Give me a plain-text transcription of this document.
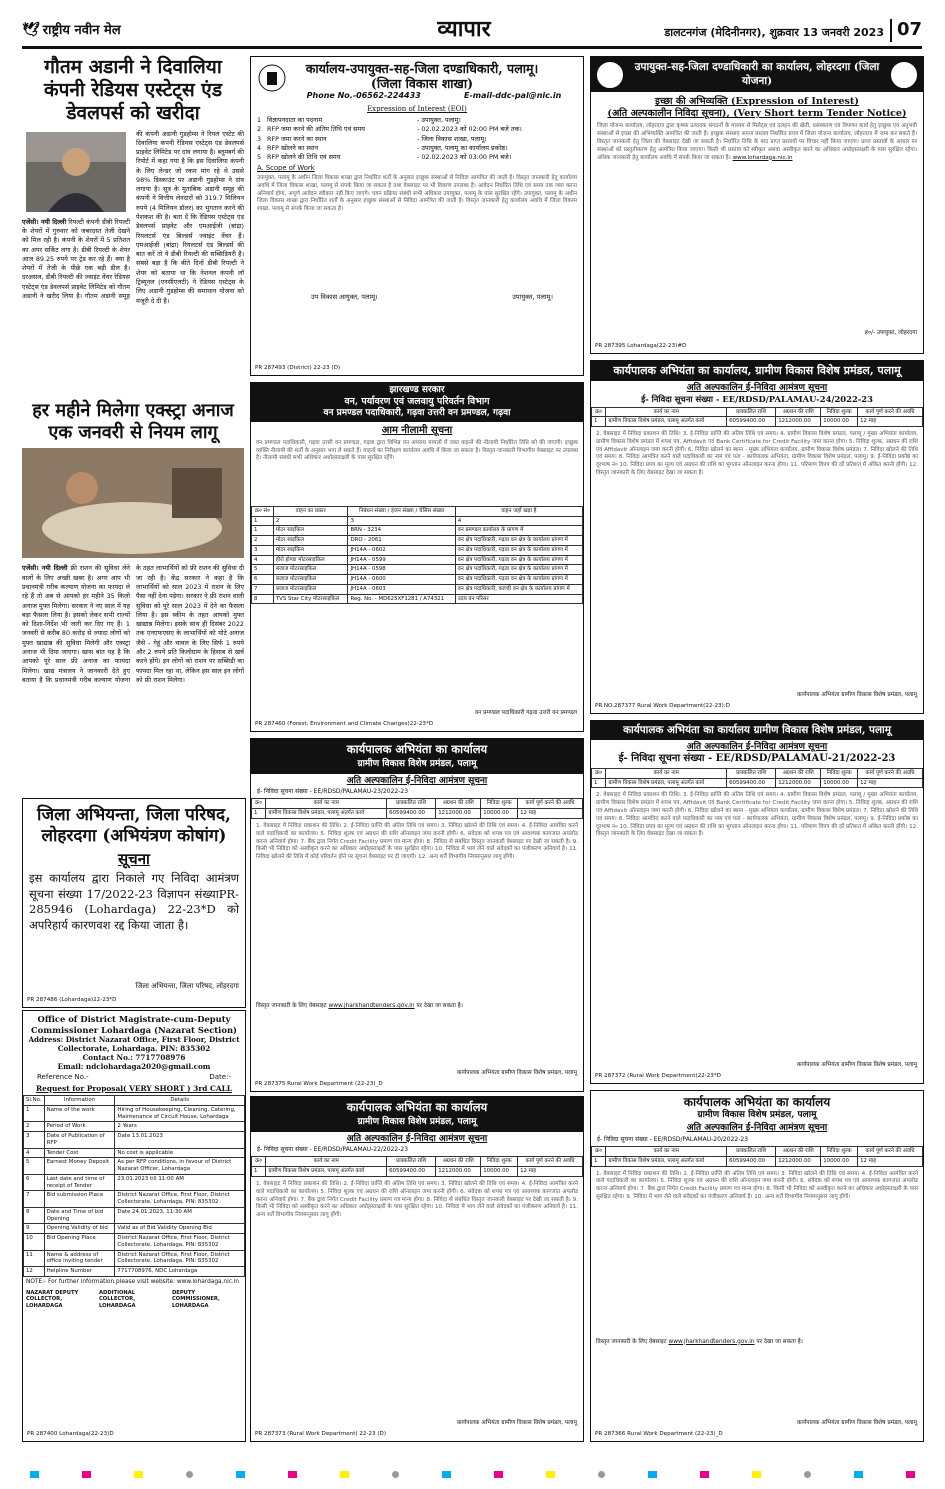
🕊 राष्ट्रीय नवीन मेल	व्यापार	डालटनगंज (मेदिनीनगर), शुक्रवार 13 जनवरी 2023 07
गौतम अडानी ने दिवालिया कंपनी रेडियस एस्टेट्स एंड डेवलपर्स को खरीदा

एजेंसी। नयी दिल्ली रियल्टी कंपनी डीबी रियल्टी के शेयरों में गुरुवार को जबरदस्त तेजी देखने को मिल रही है। कंपनी के शेयरों में 5 प्रतिशत का अपर सर्किट लगा है। डीबी रियल्टी के शेयर आज 89.25 रुपये पर ट्रेड कर रहे हैं। क्या है शेयरों में तेजी के पीछे एक बड़ी डील है। दरअसल, डीबी रियल्टी की ज्वाइंट वेंचर रेडियस एस्टेट्स एंड डेवलपर्स प्राइवेट लिमिटेड को गौतम अडानी ने खरीद लिया है। गौतम अडानी समूह की कंपनी अडानी गुडहोम्स ने रियल एस्टेट की दिवालिया कंपनी रेडियस एस्टेट्स एंड डेवलपर्स प्राइवेट लिमिटेड पर दांव लगाया है। ब्लूमबर्ग की रिपोर्ट में कहा गया है कि इस दिवालिया कंपनी के लिए लेन्डर जो रकम मांग रहे थे उससे 98% डिस्काउंट पर अडानी गुडहोम्स ने दांव लगाया है। सूत्र के मुताबिक अडानी समूह की कंपनी ने वित्तीय लेनदारों को 319.7 मिलियन रुपये (4 मिलियन डॉलर) का भुगतान करने की पेशकश की है। बता दें कि रेडियस एस्टेट्स एंड डेवलपर्स प्राइवेट और एमआईजी (बांद्रा) रियलटर्स एंड बिल्डर्स ज्वाइंट वेंचर हैं। एमआईजी (बांद्रा) रियलटर्स एंड बिल्डर्स की बात करें तो ये डीबी रियल्टी की सब्सिडियरी है। सबसे बड़ा है कि बीते दिनों डीबी रियल्टी ने शेयर को बताया था कि नेशनल कंपनी लॉ ट्रिब्यूनल (एनसीएलटी) ने रेडियस एस्टेट्स के लिए अडानी गुडहोम्स की समाधान योजना को मंजूरी दे दी है।

हर महीने मिलेगा एक्स्ट्रा अनाज एक जनवरी से नियम लागू

एजेंसी। नयी दिल्ली फ्री राशन की सुविधा लेने वालों के लिए अच्छी खबर है। अगर आप भी प्रधानमंत्री गरीब कल्याण योजना का फायदा ले रहे हैं तो अब से आपको हर महीने 35 किलो अनाज मुफ्त मिलेगा। सरकार ने नए साल में यह बड़ा फैसला लिया है। इसको लेकर सभी राज्यों को दिशा-निर्देश भी जारी कर दिए गए हैं। 1 जनवरी से करीब 80 करोड़ से ज्यादा लोगों को मुफ्त खाद्यान्न की सुविधा मिलेगी और एक्स्ट्रा अनाज भी दिया जाएगा। खास बात यह है कि आपको पूरे साल फ्री अनाज का फायदा मिलेगा। खाद्य मंत्रालय ने जानकारी देते हुए बताया है कि प्रधानमंत्री गरीब कल्याण योजना के तहत लाभार्थियों को फ्री राशन की सुविधा दी जा रही है। केंद्र सरकार ने कहा है कि लाभार्थियों को साल 2023 में राशन के लिए पैसा नहीं देना पड़ेगा। सरकार ने फ्री राशन वाली सुविधा को पूरे साल 2023 में देने का फैसला लिया है। इस स्कीम के तहत आपको मुफ्त खाद्यान्न मिलेगा। इसके साथ ही दिसंबर 2022 तक एनएफएसए के लाभार्थियों को मोटे अनाज जैसे - गेहूं और चावल के लिए सिर्फ 1 रुपये और 2 रुपये प्रति किलोग्राम के हिसाब से खर्च करने होंगे। इन लोगों को राशन पर सब्सिडी का फायदा मिल रहा था, लेकिन इस साल इन लोगों को फ्री राशन मिलेगा।

जिला अभियन्ता, जिला परिषद, लोहरदगा (अभियंत्रण कोषांग)
सूचना
इस कार्यालय द्वारा निकाले गए निविदा आमंत्रण सूचना संख्या 17/2022-23 विज्ञापन संख्याPR-285946 (Lohardaga) 22-23*D को अपरिहार्य कारणवश रद्द किया जाता है।
जिला अभियन्ता, जिला परिषद, लोहरदगा
PR 287486 (Lohardaga)22-23*D
Office of District Magistrate-cum-Deputy Commissioner Lohardaga (Nazarat Section)
Address: District Nazarat Office, First Floor, District Collectorate, Lohardaga. PIN: 835302
Contact No.: 7717708976
Email: ndclohardaga2020@gmail.com
Reference No.-	Date:-
Request for Proposal( VERY SHORT ) 3rd CALL
Sl.No.	Information	Details
1	Name of the work	Hiring of Housekeeping, Cleaning, Catering, Maintenance of Circuit House, Lohardaga
2	Period of Work	2 Years
3	Date of Publication of RFP	Date 13.01.2023
4	Tender Cost	No cost is applicable
5	Earnest Money Deposit	As per RFP conditions, in favour of District Nazarat Officer, Lohardaga
6	Last date and time of receipt of Tender	23.01.2023 till 11:00 AM
7	Bid submission Place	District Nazarat Office, First Floor, District Collectorate, Lohardaga, PIN: 835302
8	Date and Time of bid Opening	Date 24.01.2023, 11:30 AM
9	Opening Validity of bid	Valid as of Bid Validity Opening Bid
10	Bid Opening Place	District Nazarat Office, First Floor, District Collectorate, Lohardaga, PIN: 835302
11	Name & address of office inviting tender	District Nazarat Office, First Floor, District Collectorate, Lohardaga, PIN: 835302
12	Helpline Number	7717708976, NDC Lohardaga
NOTE:- For further information please visit website: www.lohardaga.nic.in
NAZARAT DEPUTY COLLECTOR, LOHARDAGA
ADDITIONAL COLLECTOR, LOHARDAGA
DEPUTY COMMISSIONER, LOHARDAGA
PR 287400 Lohardaga(22-23)D
कार्यालय-उपायुक्त-सह-जिला दण्डाधिकारी, पलामू। (जिला विकास शाखा)
Phone No.-06562-224433	E-mail-ddc-pal@nic.in
Expression of Interest (EOI)
1 विज्ञापनदाता का पदनाम	- उपायुक्त, पलामू।
2 RFP जमा करने की अंतिम तिथि एवं समय	- 02.02.2023 को 02:00 PM बजे तक।
3 RFP जमा करने का स्थान	- जिला विकास शाखा, पलामू।
4 RFP खोलने का स्थान	- उपायुक्त, पलामू का कार्यालय प्रकोष्ठ।
5 RFP खोलने की तिथि एवं समय	- 02.02.2023 को 03:00 PM बजे।
A. Scope of Work
उपायुक्त, पलामू के अधीन जिला विकास शाखा द्वारा निर्धारित शर्तों के अनुसार इच्छुक संस्थाओं से निविदा आमंत्रित की जाती है। विस्तृत जानकारी हेतु कार्यालय अवधि में जिला विकास शाखा, पलामू से संपर्क किया जा सकता है तथा वेबसाइट पर भी विवरण उपलब्ध है। आवेदन निर्धारित तिथि एवं समय तक जमा करना अनिवार्य होगा, अपूर्ण आवेदन स्वीकार नहीं किए जाएंगे। चयन प्रक्रिया संबंधी सभी अधिकार उपायुक्त, पलामू के पास सुरक्षित रहेंगे। उपायुक्त, पलामू के अधीन जिला विकास शाखा द्वारा निर्धारित शर्तों के अनुसार इच्छुक संस्थाओं से निविदा आमंत्रित की जाती है। विस्तृत जानकारी हेतु कार्यालय अवधि में जिला विकास शाखा, पलामू से संपर्क किया जा सकता है।
उप विकास आयुक्त, पलामू।	उपायुक्त, पलामू।
PR 287493 (District) 22-23 (D)
झारखण्ड सरकार
वन, पर्यावरण एवं जलवायु परिवर्तन विभाग
वन प्रमण्डल पदाधिकारी, गढ़वा उत्तरी वन प्रमण्डल, गढ़वा
आम नीलामी सूचना
वन प्रमण्डल पदाधिकारी, गढ़वा उत्तरी वन प्रमण्डल, गढ़वा द्वारा विभिन्न वन अपराध मामलों में जब्त वाहनों की नीलामी निर्धारित तिथि को की जाएगी। इच्छुक व्यक्ति नीलामी की शर्तों के अनुसार भाग ले सकते हैं। वाहनों का निरीक्षण कार्यालय अवधि में किया जा सकता है। विस्तृत जानकारी विभागीय वेबसाइट पर उपलब्ध है। नीलामी संबंधी सभी अधिकार अधोहस्ताक्षरी के पास सुरक्षित रहेंगे।
क्र० सं०	वाहन का प्रकार	निबंधन संख्या / इंजन संख्या / चेसिस संख्या	वाहन जहाँ खड़ा है
1	2	3	4
1	मोटर साइकिल	BRN - 3234	वन प्रमण्डल कार्यालय के प्रांगण में
2	मोटर साइकिल	DRO - 2061	वन क्षेत्र पदाधिकारी, गढ़वा वन क्षेत्र के कार्यालय प्रांगण में
3	मोटर साइकिल	JH14A - 0602	वन क्षेत्र पदाधिकारी, गढ़वा वन क्षेत्र के कार्यालय प्रांगण में
4	हीरो होण्डा मोटरसाइकिल	JH14A - 0599	वन क्षेत्र पदाधिकारी, गढ़वा वन क्षेत्र के कार्यालय प्रांगण में
5	बजाज मोटरसाइकिल	JH14A - 0598	वन क्षेत्र पदाधिकारी, गढ़वा वन क्षेत्र के कार्यालय प्रांगण में
6	बजाज मोटरसाइकिल	JH14A - 0600	वन क्षेत्र पदाधिकारी, गढ़वा वन क्षेत्र के कार्यालय प्रांगण में
7	बजाज मोटरसाइकिल	JH14A - 0603	वन क्षेत्र पदाधिकारी, काण्डी वन क्षेत्र के कार्यालय प्रांगण में
8	TVS Star City मोटरसाइकिल	Reg. No. - MD625XF1281 / A74321	उदय वन परिसर
वन प्रमण्डल पदाधिकारी गढ़वा उत्तरी वन प्रमण्डल
PR 287460 (Forest, Environment and Climate Changes)22-23*D
कार्यपालक अभियंता का कार्यालय
ग्रामीण विकास विशेष प्रमंडल, पलामू
अति अल्पकालिन ई-निविदा आमंत्रण सूचना
ई- निविदा सूचना संख्या - EE/RDSD/PALAMAU-23/2022-23
क्र०	कार्य का नाम	प्राक्कलित राशि	अग्रधन की राशि	निविदा शुल्क	कार्य पूर्ण करने की अवधि
1	ग्रामीण विकास विशेष प्रमंडल, पलामू अंतर्गत कार्य	60599400.00	1212000.00	10000.00	12 माह
1. वेबसाइट में निविदा प्रकाशन की तिथि। 2. ई-निविदा प्राप्ति की अंतिम तिथि एवं समय। 3. निविदा खोलने की तिथि एवं समय। 4. ई-निविदा आमंत्रित करने वाले पदाधिकारी का कार्यालय। 5. निविदा शुल्क एवं अग्रधन की राशि ऑनलाइन जमा करनी होगी। 6. संवेदक को शपथ पत्र एवं आवश्यक कागजात अपलोड करना अनिवार्य होगा। 7. बैंक द्वारा निर्गत Credit Facility प्रमाण पत्र मान्य होगा। 8. निविदा से संबंधित विस्तृत जानकारी वेबसाइट पर देखी जा सकती है। 9. किसी भी निविदा को अस्वीकृत करने का अधिकार अधोहस्ताक्षरी के पास सुरक्षित रहेगा। 10. निविदा में भाग लेने वाले संवेदकों का पंजीकरण अनिवार्य है। 11. निविदा खोलने की तिथि में कोई परिवर्तन होने पर सूचना वेबसाइट पर दी जाएगी। 12. अन्य शर्तें विभागीय नियमानुसार लागू होंगी।
विस्तृत जानकारी के लिए वेबसाइट www.jharkhandtenders.gov.in पर देखा जा सकता है।
कार्यपालक अभियंता ग्रामीण विकास विशेष प्रमंडल, पलामू
PR 287375 Rural Work Department (22-23)_D
कार्यपालक अभियंता का कार्यालय
ग्रामीण विकास विशेष प्रमंडल, पलामू
अति अल्पकालिन ई-निविदा आमंत्रण सूचना
ई- निविदा सूचना संख्या - EE/RDSD/PALAMAU-22/2022-23
क्र०	कार्य का नाम	प्राक्कलित राशि	अग्रधन की राशि	निविदा शुल्क	कार्य पूर्ण करने की अवधि
1	ग्रामीण विकास विशेष प्रमंडल, पलामू अंतर्गत कार्य	60599400.00	1212000.00	10000.00	12 माह
1. वेबसाइट में निविदा प्रकाशन की तिथि। 2. ई-निविदा प्राप्ति की अंतिम तिथि एवं समय। 3. निविदा खोलने की तिथि एवं समय। 4. ई-निविदा आमंत्रित करने वाले पदाधिकारी का कार्यालय। 5. निविदा शुल्क एवं अग्रधन की राशि ऑनलाइन जमा करनी होगी। 6. संवेदक को शपथ पत्र एवं आवश्यक कागजात अपलोड करना अनिवार्य होगा। 7. बैंक द्वारा निर्गत Credit Facility प्रमाण पत्र मान्य होगा। 8. निविदा से संबंधित विस्तृत जानकारी वेबसाइट पर देखी जा सकती है। 9. किसी भी निविदा को अस्वीकृत करने का अधिकार अधोहस्ताक्षरी के पास सुरक्षित रहेगा। 10. निविदा में भाग लेने वाले संवेदकों का पंजीकरण अनिवार्य है। 11. अन्य शर्तें विभागीय नियमानुसार लागू होंगी।
कार्यपालक अभियंता ग्रामीण विकास विशेष प्रमंडल, पलामू
PR 287373 (Rural Work Department) 22-23 (D)
उपायुक्त-सह-जिला दण्डाधिकारी का कार्यालय, लोहरदगा (जिला योजना)
इच्छा की अभिव्यक्ति (Expression of Interest)
(अति अल्पकालीन निविदा सूचना), (Very Short term Tender Notice)
जिला योजना कार्यालय, लोहरदगा द्वारा कृषक उत्पादक संगठनों के माध्यम से मिलेट्स एवं दलहन की खेती, प्रसंस्करण एवं विपणन कार्य हेतु इच्छुक एवं अनुभवी संस्थाओं से इच्छा की अभिव्यक्ति आमंत्रित की जाती है। इच्छुक संस्थाएं अपना प्रस्ताव निर्धारित प्रपत्र में जिला योजना कार्यालय, लोहरदगा में जमा कर सकते हैं। विस्तृत जानकारी हेतु जिला की वेबसाइट देखी जा सकती है। निर्धारित तिथि के बाद प्राप्त प्रस्तावों पर विचार नहीं किया जाएगा। प्राप्त प्रस्तावों के आधार पर संस्थाओं को प्रस्तुतीकरण हेतु आमंत्रित किया जाएगा। किसी भी प्रस्ताव को स्वीकृत अथवा अस्वीकृत करने का अधिकार अधोहस्ताक्षरी के पास सुरक्षित रहेगा। अधिक जानकारी हेतु कार्यालय अवधि में संपर्क किया जा सकता है। www.lohardaga.nic.in
ह०/- उपायुक्त, लोहरदगा
PR 287395 Lohardaga(22-23)#D
कार्यपालक अभियंता का कार्यालय, ग्रामीण विकास विशेष प्रमंडल, पलामू
अति अल्पकालिन ई-निविदा आमंत्रण सूचना
ई- निविदा सूचना संख्या - EE/RDSD/PALAMAU-24/2022-23
क्र०	कार्य का नाम	प्राक्कलित राशि	अग्रधन की राशि	निविदा शुल्क	कार्य पूर्ण करने की अवधि
1	ग्रामीण विकास विशेष प्रमंडल, पलामू अंतर्गत कार्य	60599400.00	1212000.00	10000.00	12 माह
2. वेबसाइट में निविदा प्रकाशन की तिथि। 3. ई-निविदा प्राप्ति की अंतिम तिथि एवं समय। 4. ग्रामीण विकास विशेष प्रमंडल, पलामू / मुख्य अभियंता कार्यालय, ग्रामीण विकास विशेष प्रमंडल में शपथ पत्र, Affidavit एवं Bank Certificate for Credit Facility जमा करना होगा। 5. निविदा शुल्क, अग्रधन की राशि एवं Affidavit ऑनलाइन जमा करनी होगी। 6. निविदा खोलने का स्थान - मुख्य अभियंता कार्यालय, ग्रामीण विकास विशेष प्रमंडल। 7. निविदा खोलने की तिथि एवं समय। 8. निविदा आमंत्रित करने वाले पदाधिकारी का नाम एवं पता - कार्यपालक अभियंता, ग्रामीण विकास विशेष प्रमंडल, पलामू। 9. ई-निविदा प्रकोष्ठ का दूरभाष नं० 10. निविदा प्रपत्र का मूल्य एवं अग्रधन की राशि का भुगतान ऑनलाइन करना होगा। 11. परिमाण विपत्र की दरें प्रतिशत में अंकित करनी होंगी। 12. विस्तृत जानकारी के लिए वेबसाइट देखा जा सकता है।
कार्यपालक अभियंता ग्रामीण विकास विशेष प्रमंडल, पलामू
PR.NO.287377 Rural Work Department(22-23):D
कार्यपालक अभियंता का कार्यालय ग्रामीण विकास विशेष प्रमंडल, पलामू
अति अल्पकालिन ई-निविदा आमंत्रण सूचना
ई- निविदा सूचना संख्या - EE/RDSD/PALAMAU-21/2022-23
क्र०	कार्य का नाम	प्राक्कलित राशि	अग्रधन की राशि	निविदा शुल्क	कार्य पूर्ण करने की अवधि
1	ग्रामीण विकास विशेष प्रमंडल, पलामू अंतर्गत कार्य	60599400.00	1212000.00	10000.00	12 माह
2. वेबसाइट में निविदा प्रकाशन की तिथि। 3. ई-निविदा प्राप्ति की अंतिम तिथि एवं समय। 4. ग्रामीण विकास विशेष प्रमंडल, पलामू / मुख्य अभियंता कार्यालय, ग्रामीण विकास विशेष प्रमंडल में शपथ पत्र, Affidavit एवं Bank Certificate for Credit Facility जमा करना होगा। 5. निविदा शुल्क, अग्रधन की राशि एवं Affidavit ऑनलाइन जमा करनी होगी। 6. निविदा खोलने का स्थान - मुख्य अभियंता कार्यालय, ग्रामीण विकास विशेष प्रमंडल। 7. निविदा खोलने की तिथि एवं समय। 8. निविदा आमंत्रित करने वाले पदाधिकारी का नाम एवं पता - कार्यपालक अभियंता, ग्रामीण विकास विशेष प्रमंडल, पलामू। 9. ई-निविदा प्रकोष्ठ का दूरभाष नं० 10. निविदा प्रपत्र का मूल्य एवं अग्रधन की राशि का भुगतान ऑनलाइन करना होगा। 11. परिमाण विपत्र की दरें प्रतिशत में अंकित करनी होंगी। 12. विस्तृत जानकारी के लिए वेबसाइट देखा जा सकता है।
कार्यपालक अभियंता ग्रामीण विकास विशेष प्रमंडल, पलामू
PR 287372 (Rural Work Department)22-23*D
कार्यपालक अभियंता का कार्यालय
ग्रामीण विकास विशेष प्रमंडल, पलामू
अति अल्पकालिन ई-निविदा आमंत्रण सूचना
ई- निविदा सूचना संख्या - EE/RDSD/PALAMAU-20/2022-23
क्र०	कार्य का नाम	प्राक्कलित राशि	अग्रधन की राशि	निविदा शुल्क	कार्य पूर्ण करने की अवधि
1	ग्रामीण विकास विशेष प्रमंडल, पलामू अंतर्गत कार्य	60599400.00	1212000.00	10000.00	12 माह
1. वेबसाइट में निविदा प्रकाशन की तिथि। 2. ई-निविदा प्राप्ति की अंतिम तिथि एवं समय। 3. निविदा खोलने की तिथि एवं समय। 4. ई-निविदा आमंत्रित करने वाले पदाधिकारी का कार्यालय। 5. निविदा शुल्क एवं अग्रधन की राशि ऑनलाइन जमा करनी होगी। 6. संवेदक को शपथ पत्र एवं आवश्यक कागजात अपलोड करना अनिवार्य होगा। 7. बैंक द्वारा निर्गत Credit Facility प्रमाण पत्र मान्य होगा। 8. किसी भी निविदा को अस्वीकृत करने का अधिकार अधोहस्ताक्षरी के पास सुरक्षित रहेगा। 9. निविदा में भाग लेने वाले संवेदकों का पंजीकरण अनिवार्य है। 10. अन्य शर्तें विभागीय नियमानुसार लागू होंगी।
विस्तृत जानकारी के लिए वेबसाइट www.jharkhandtenders.gov.in पर देखा जा सकता है।
कार्यपालक अभियंता ग्रामीण विकास विशेष प्रमंडल, पलामू
PR 287366 Rural Work Department (22-23)_D
